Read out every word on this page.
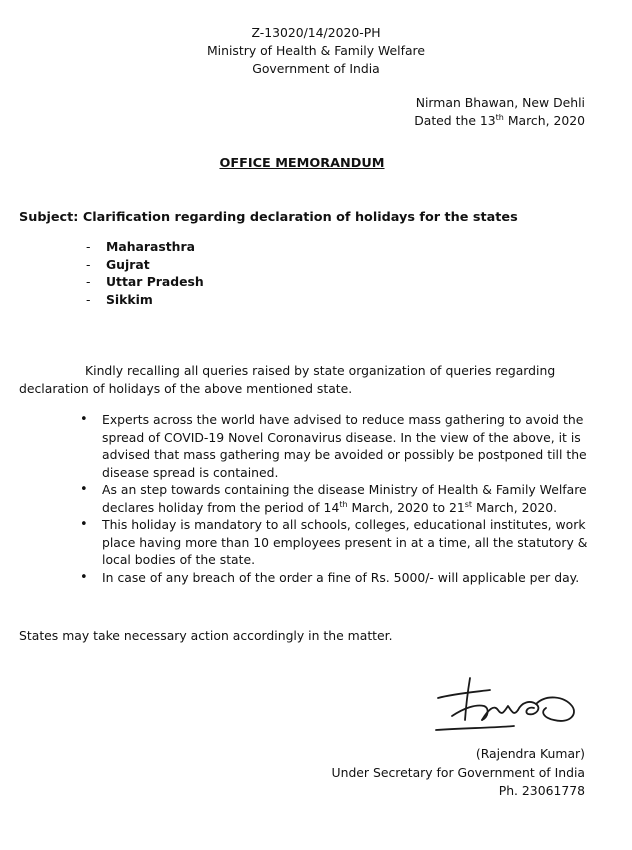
Z-13020/14/2020-PH
Ministry of Health & Family Welfare
Government of India
Nirman Bhawan, New Dehli
Dated the 13th March, 2020
OFFICE MEMORANDUM
Subject: Clarification regarding declaration of holidays for the states
- Maharasthra
- Gujrat
- Uttar Pradesh
- Sikkim
Kindly recalling all queries raised by state organization of queries regarding declaration of holidays of the above mentioned state.
• Experts across the world have advised to reduce mass gathering to avoid the spread of COVID-19 Novel Coronavirus disease. In the view of the above, it is advised that mass gathering may be avoided or possibly be postponed till the disease spread is contained.
• As an step towards containing the disease Ministry of Health & Family Welfare declares holiday from the period of 14th March, 2020 to 21st March, 2020.
• This holiday is mandatory to all schools, colleges, educational institutes, work place having more than 10 employees present in at a time, all the statutory & local bodies of the state.
• In case of any breach of the order a fine of Rs. 5000/- will applicable per day.
States may take necessary action accordingly in the matter.
(Rajendra Kumar)
Under Secretary for Government of India
Ph. 23061778
